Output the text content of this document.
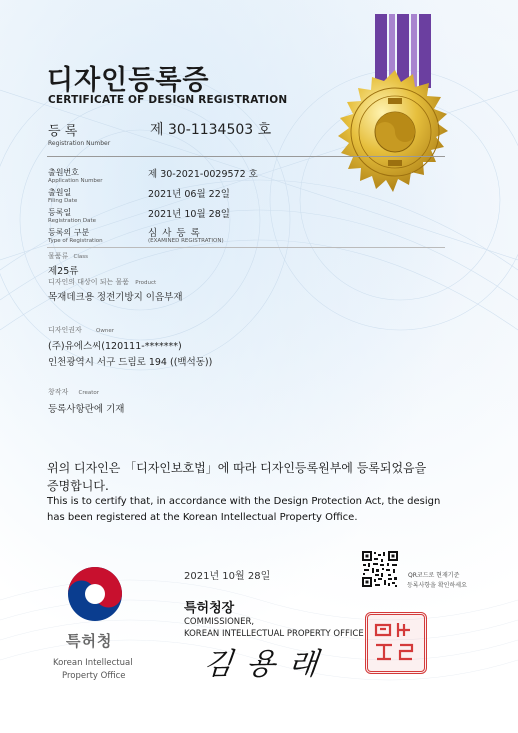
디자인등록증
CERTIFICATE OF DESIGN REGISTRATION
등 록
Registration Number
제 30-1134503 호
출원번호
Application Number
제 30-2021-0029572 호
출원일
Filing Date
2021년 06월 22일
등록일
Registration Date
2021년 10월 28일
등록의 구분
Type of Registration
심 사 등 록
(EXAMINED REGISTRATION)
물품류 Class
제25류
디자인의 대상이 되는 물품 Product
목재데크용 정전기방지 이음부재
디자인권자	Owner
(주)유에스씨(120111-*******)
인천광역시 서구 드림로 194 ((백석동))
창작자 Creator
등록사항란에 기재
위의 디자인은 「디자인보호법」에 따라 디자인등록원부에 등록되었음을
증명합니다.
This is to certify that, in accordance with the Design Protection Act, the design
has been registered at the Korean Intellectual Property Office.
특허청
Korean Intellectual
Property Office
2021년 10월 28일	QR코드로 현재기준
등록사항을 확인하세요
특허청장
COMMISSIONER,
KOREAN INTELLECTUAL PROPERTY OFFICE
김 용 래
